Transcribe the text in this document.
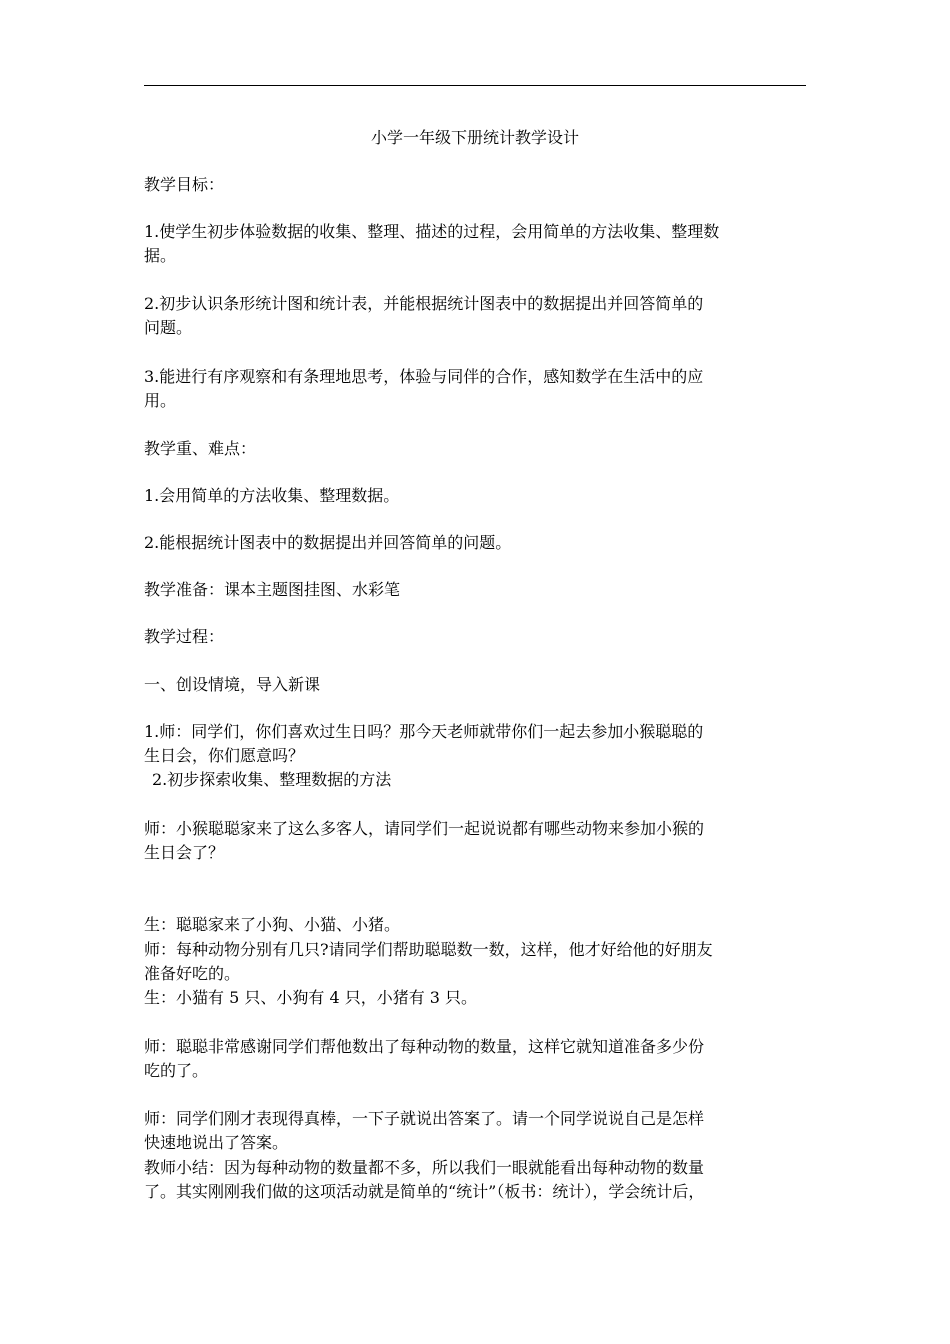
小学一年级下册统计教学设计
教学目标：
1.使学生初步体验数据的收集、整理、描述的过程，会用简单的方法收集、整理数
据。
2.初步认识条形统计图和统计表，并能根据统计图表中的数据提出并回答简单的
问题。
3.能进行有序观察和有条理地思考，体验与同伴的合作，感知数学在生活中的应
用。
教学重、难点：
1.会用简单的方法收集、整理数据。
2.能根据统计图表中的数据提出并回答简单的问题。
教学准备：课本主题图挂图、水彩笔
教学过程：
一、创设情境，导入新课
1.师：同学们，你们喜欢过生日吗？那今天老师就带你们一起去参加小猴聪聪的
生日会，你们愿意吗？
2.初步探索收集、整理数据的方法
师：小猴聪聪家来了这么多客人，请同学们一起说说都有哪些动物来参加小猴的
生日会了？
生：聪聪家来了小狗、小猫、小猪。
师：每种动物分别有几只?请同学们帮助聪聪数一数，这样，他才好给他的好朋友
准备好吃的。
生：小猫有 5 只、小狗有 4 只，小猪有 3 只。
师：聪聪非常感谢同学们帮他数出了每种动物的数量，这样它就知道准备多少份
吃的了。
师：同学们刚才表现得真棒，一下子就说出答案了。请一个同学说说自己是怎样
快速地说出了答案。
教师小结：因为每种动物的数量都不多，所以我们一眼就能看出每种动物的数量
了。其实刚刚我们做的这项活动就是简单的“统计”（板书：统计），学会统计后，
